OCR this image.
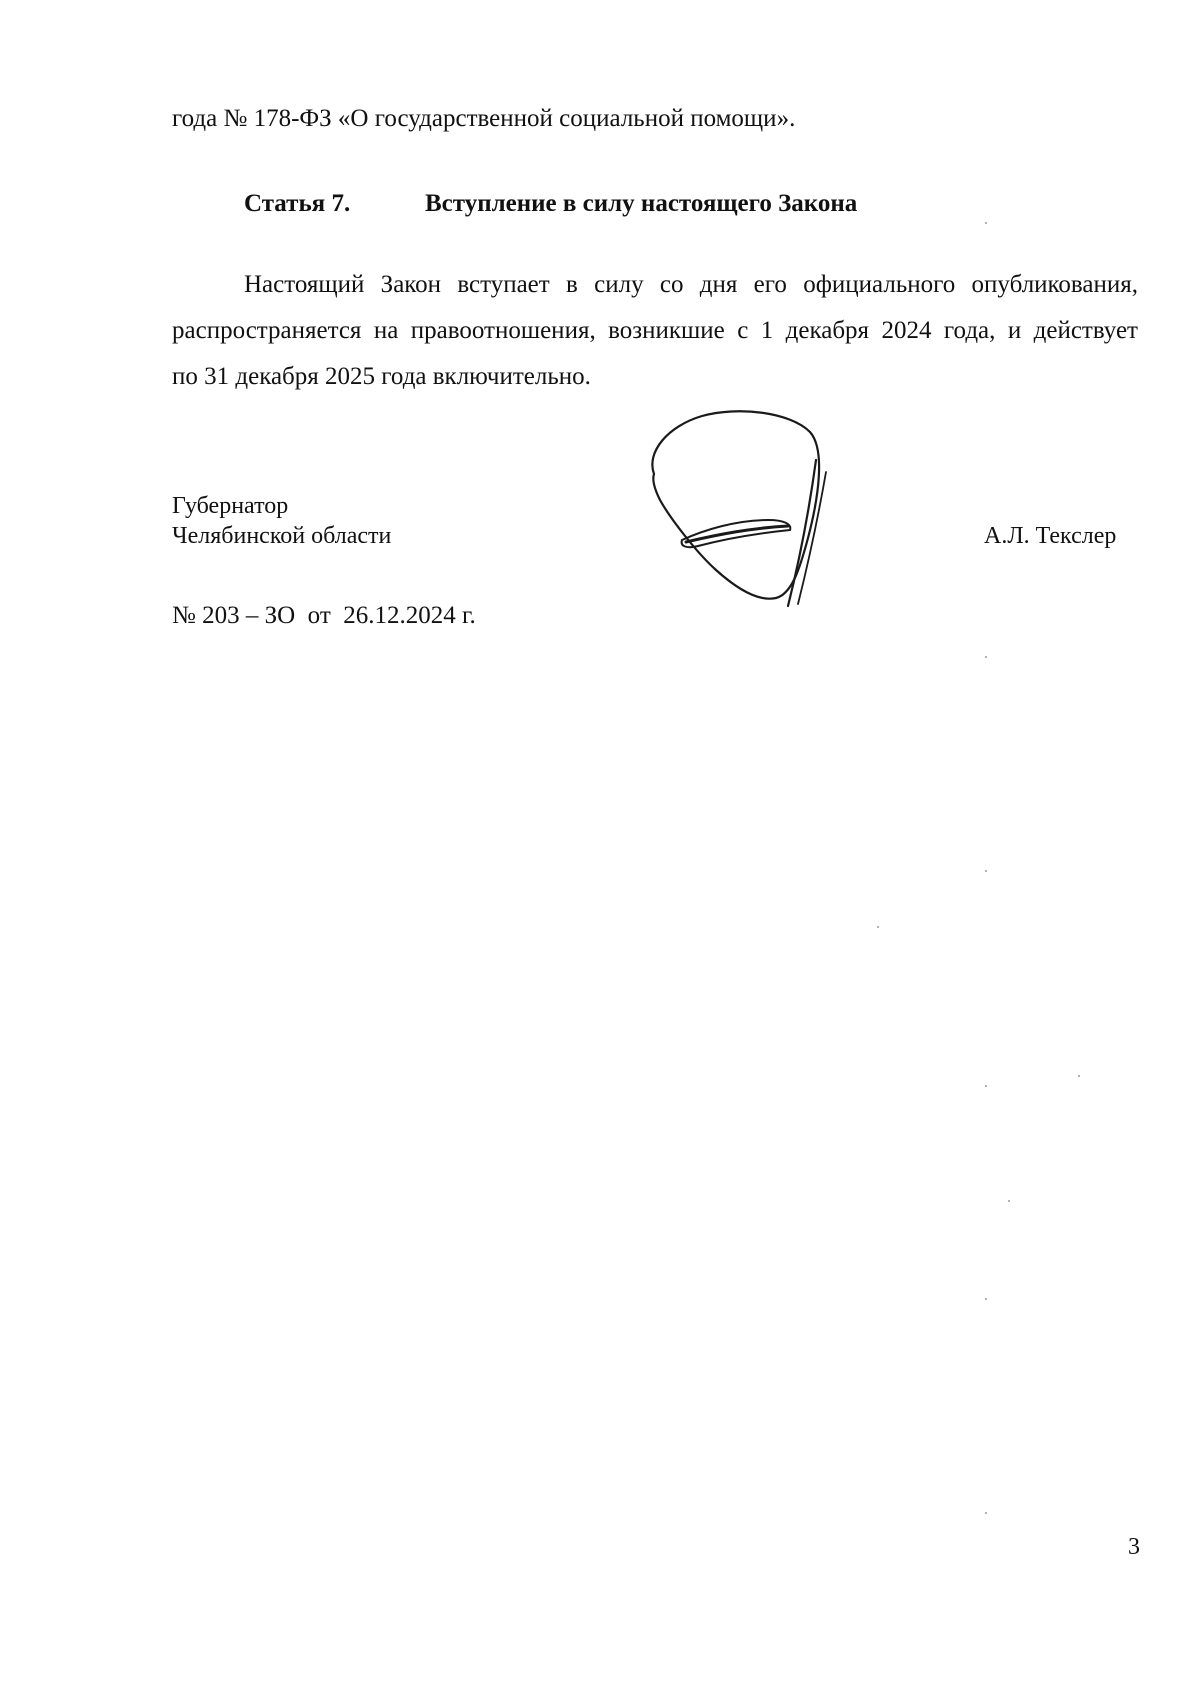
года № 178-ФЗ «О государственной социальной помощи».
Статья 7.	Вступление в силу настоящего Закона
Настоящий Закон вступает в силу со дня его официального опубликования,
распространяется на правоотношения, возникшие с 1 декабря 2024 года, и действует
по 31 декабря 2025 года включительно.
Губернатор
Челябинской области	А.Л. Текслер
№ 203 – ЗО  от  26.12.2024 г.
3
